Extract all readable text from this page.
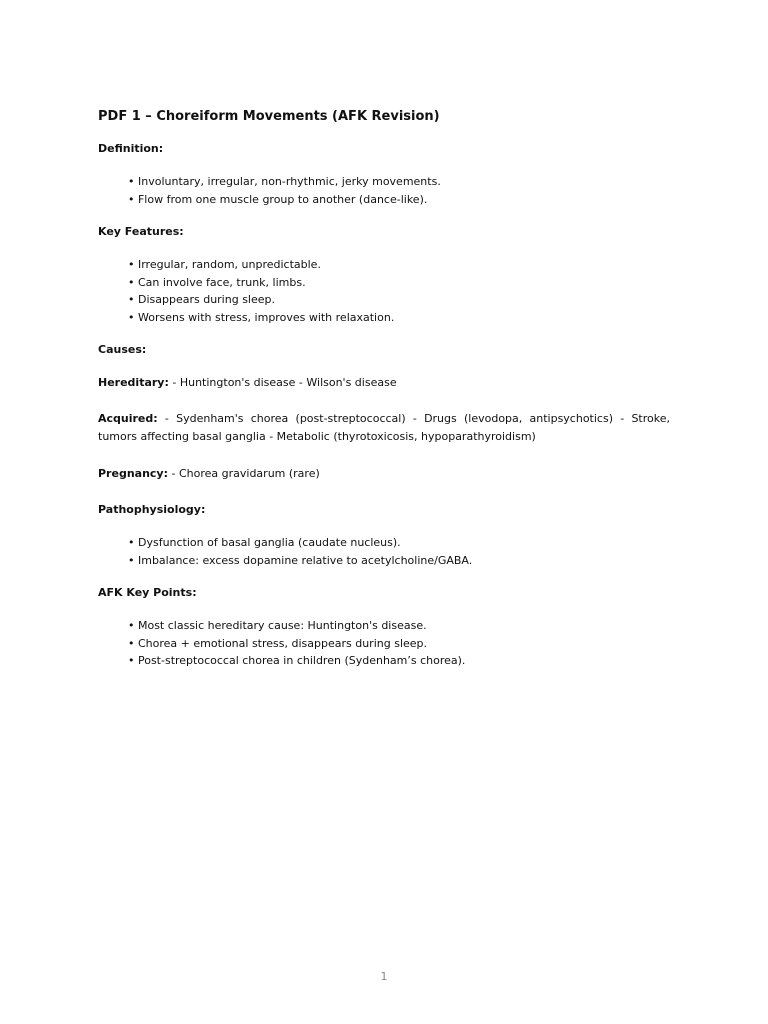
PDF 1 – Choreiform Movements (AFK Revision)
Definition:
• Involuntary, irregular, non-rhythmic, jerky movements.
• Flow from one muscle group to another (dance-like).
Key Features:
• Irregular, random, unpredictable.
• Can involve face, trunk, limbs.
• Disappears during sleep.
• Worsens with stress, improves with relaxation.
Causes:

Hereditary: - Huntington's disease - Wilson's disease

Acquired: - Sydenham's chorea (post-streptococcal) - Drugs (levodopa, antipsychotics) - Stroke, tumors affecting basal ganglia - Metabolic (thyrotoxicosis, hypoparathyroidism)

Pregnancy: - Chorea gravidarum (rare)

Pathophysiology:
• Dysfunction of basal ganglia (caudate nucleus).
• Imbalance: excess dopamine relative to acetylcholine/GABA.
AFK Key Points:
• Most classic hereditary cause: Huntington's disease.
• Chorea + emotional stress, disappears during sleep.
• Post-streptococcal chorea in children (Sydenham’s chorea).
1
